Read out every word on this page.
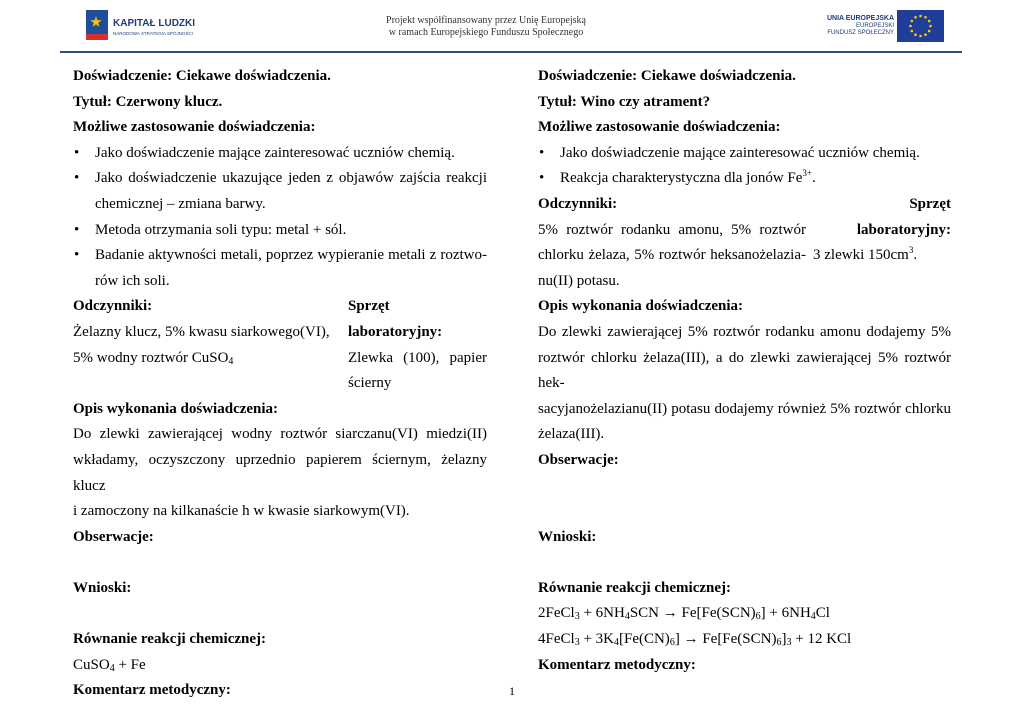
KAPITAŁ LUDZKI
NARODOWA STRATEGIA SPÓJNOŚCI
Projekt współfinansowany przez Unię Europejską
w ramach Europejskiego Funduszu Społecznego
UNIA EUROPEJSKA
EUROPEJSKI
FUNDUSZ SPOŁECZNY

Doświadczenie: Ciekawe doświadczenia.

Tytuł: Czerwony klucz.

Możliwe zastosowanie doświadczenia:

• Jako doświadczenie mające zainteresować uczniów chemią.

• Jako doświadczenie ukazujące jeden z objawów zajścia reakcji

chemicznej – zmiana barwy.

• Metoda otrzymania soli typu: metal + sól.

• Badanie aktywności metali, poprzez wypieranie metali z roztwo-

rów ich soli.

Odczynniki:

Żelazny klucz, 5% kwasu siarkowego(VI),

5% wodny roztwór CuSO$_4$

Sprzęt laboratoryjny:

Zlewka (100), papier

ścierny

Opis wykonania doświadczenia:

Do zlewki zawierającej wodny roztwór siarczanu(VI) miedzi(II)

wkładamy, oczyszczony uprzednio papierem ściernym, żelazny klucz

i zamoczony na kilkanaście h w kwasie siarkowym(VI).

Obserwacje:

Wnioski:

Równanie reakcji chemicznej:

CuSO$_4$ + Fe

Komentarz metodyczny:

Doświadczenie: Ciekawe doświadczenia.

Tytuł: Wino czy atrament?

Możliwe zastosowanie doświadczenia:

• Jako doświadczenie mające zainteresować uczniów chemią.

• Reakcja charakterystyczna dla jonów $Fe^{3+}$.

Odczynniki:

5% roztwór rodanku amonu, 5% roztwór

chlorku żelaza, 5% roztwór heksanożelazia-

nu(II) potasu.

Sprzęt laboratoryjny:

3 zlewki $150cm^3$.

Opis wykonania doświadczenia:

Do zlewki zawierającej 5% roztwór rodanku amonu dodajemy 5%

roztwór chlorku żelaza(III), a do zlewki zawierającej 5% roztwór hek-

sacyjanożelazianu(II) potasu dodajemy również 5% roztwór chlorku

żelaza(III).

Obserwacje:

Wnioski:

Równanie reakcji chemicznej:

2FeCl$_3$ + $6NH_4SCN \to Fe[Fe(SCN)_6] + 6NH_4Cl$

4FeCl$_3$ + $3K_4[Fe(CN)_6] \to Fe[Fe(SCN)_6]_3 + 12$ KCl

Komentarz metodyczny:

1
